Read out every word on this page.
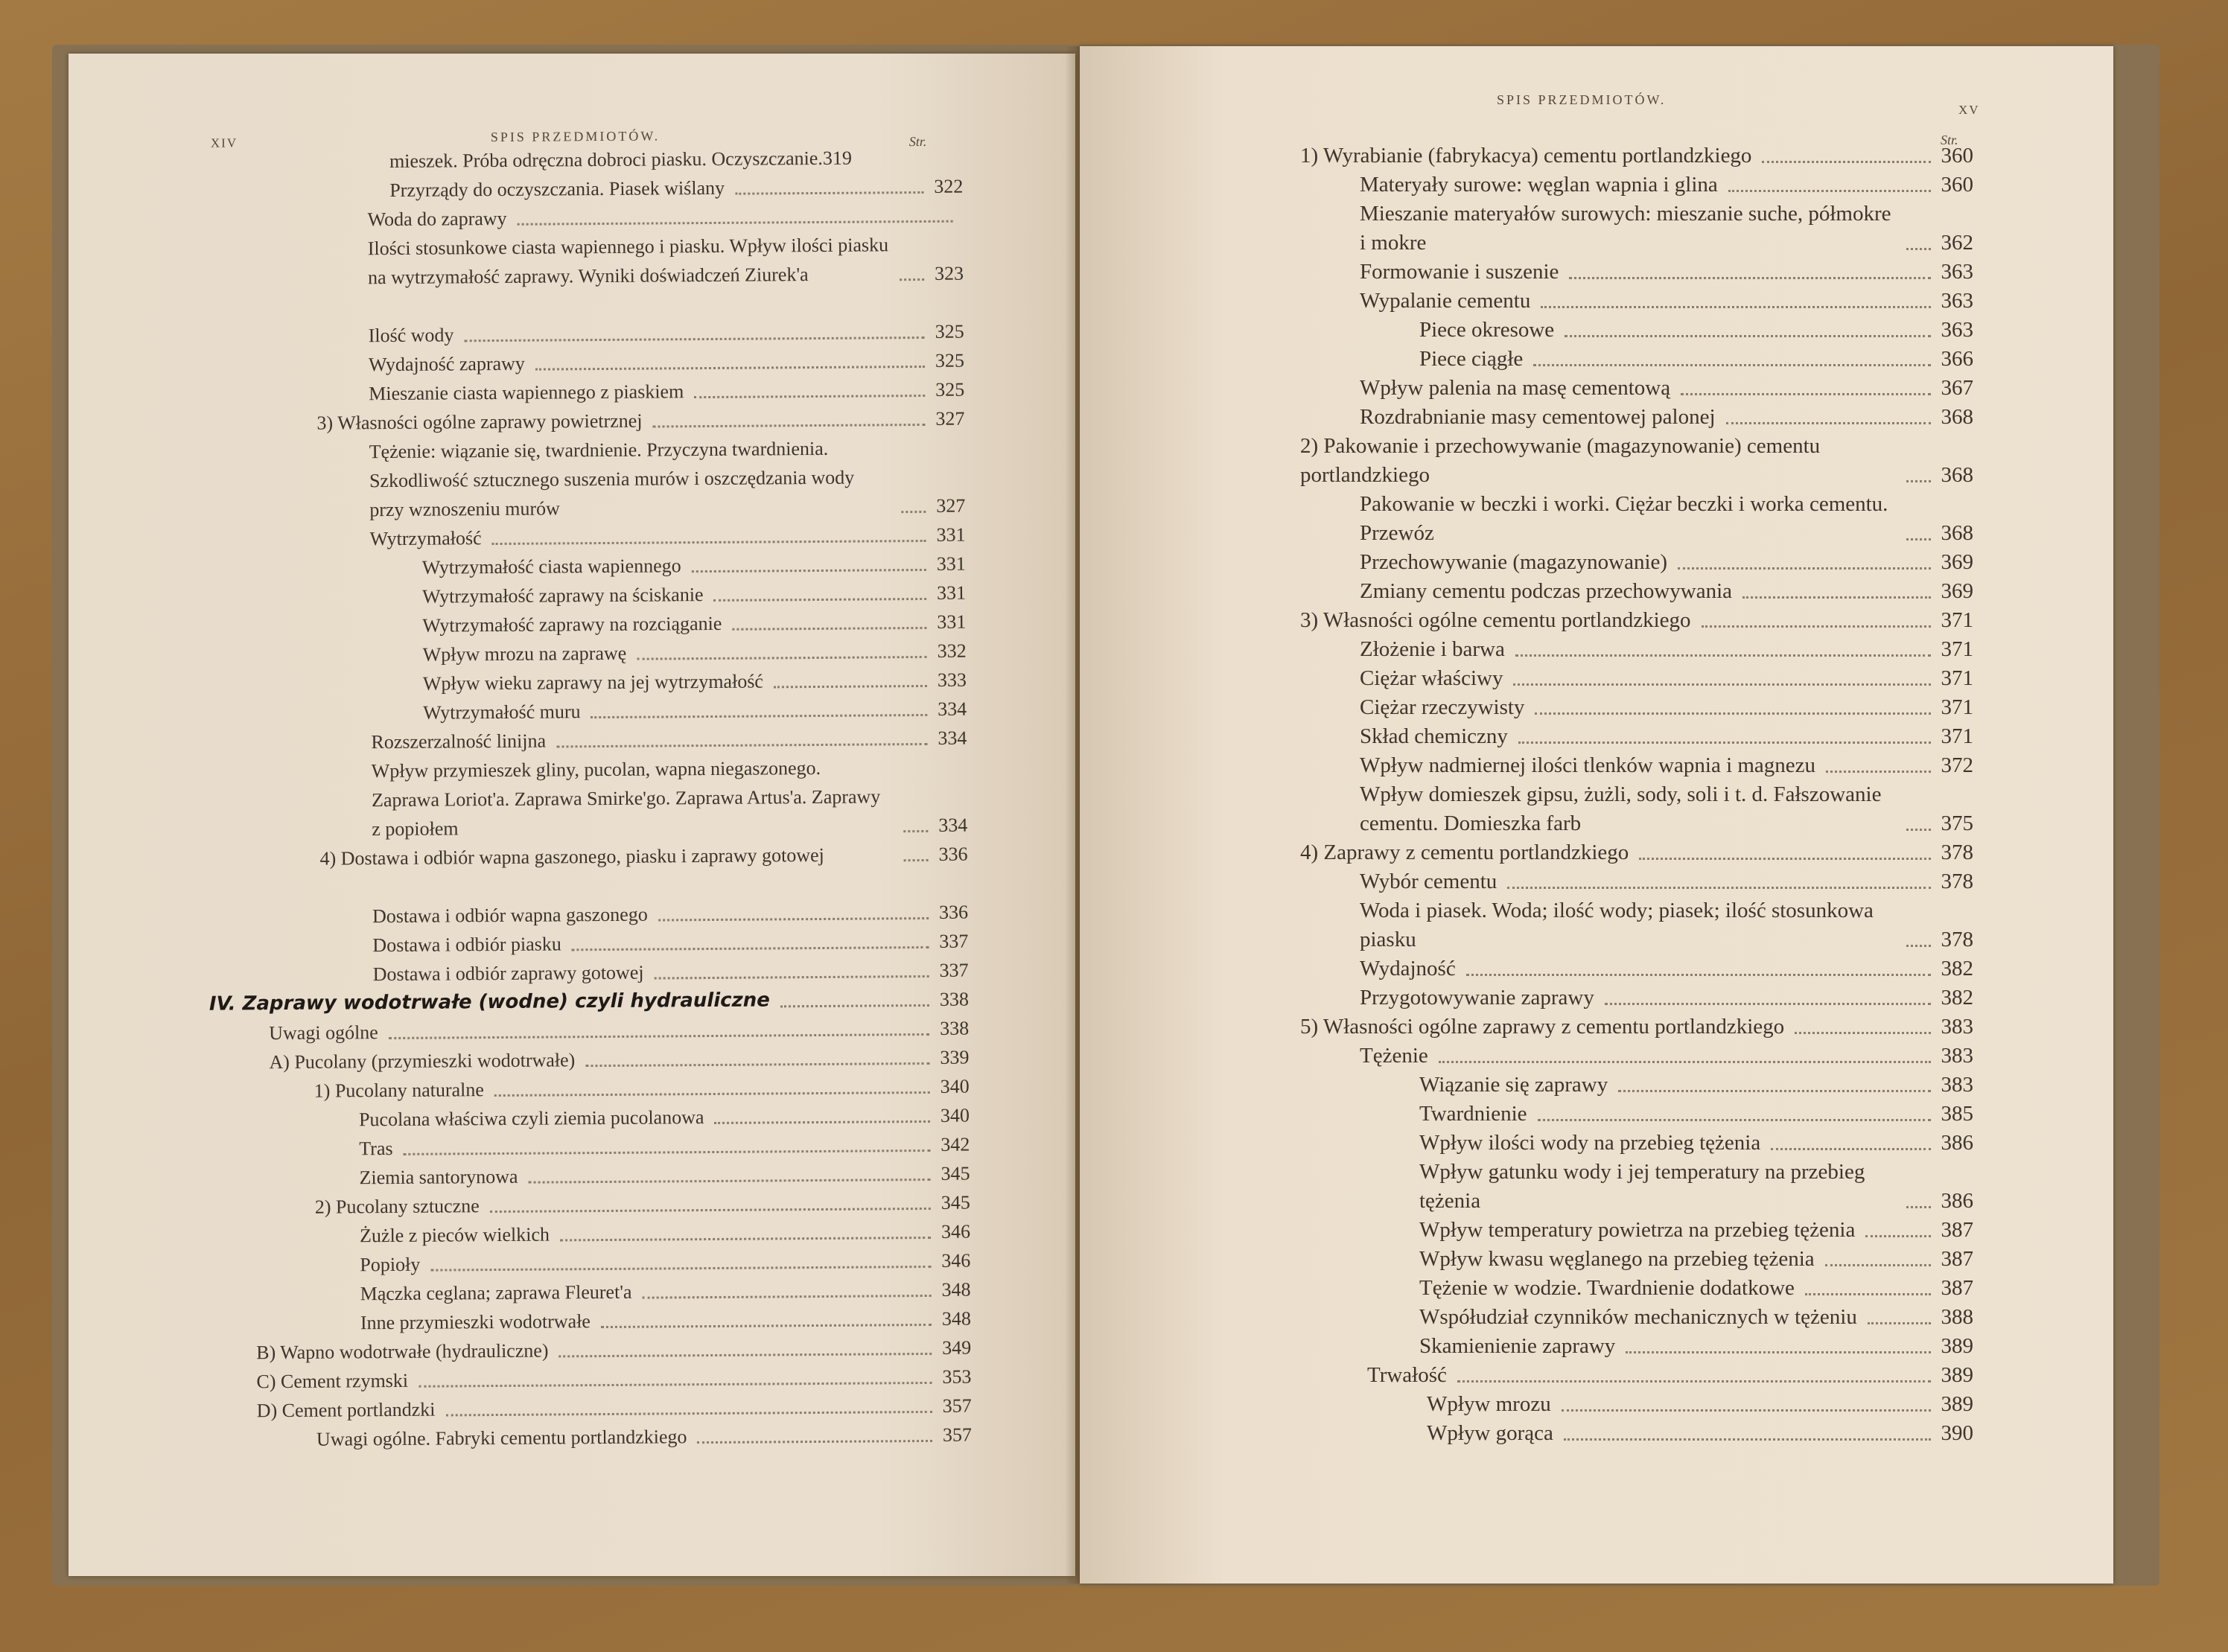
XIV	SPIS PRZEDMIOTÓW.	Str.
mieszek. Próba odręczna dobroci piasku. Oczyszczanie. 319
Przyrządy do oczyszczania. Piasek wiślany	322
Woda do zaprawy
Ilości stosunkowe ciasta wapiennego i piasku. Wpływ ilości piasku na wytrzymałość zaprawy. Wyniki doświadczeń Ziurek'a	323
Ilość wody	325
Wydajność zaprawy	325
Mieszanie ciasta wapiennego z piaskiem	325
3) Własności ogólne zaprawy powietrznej	327
Tężenie: wiązanie się, twardnienie. Przyczyna twardnienia. Szkodliwość sztucznego suszenia murów i oszczędzania wody przy wznoszeniu murów	327
Wytrzymałość	331
Wytrzymałość ciasta wapiennego	331
Wytrzymałość zaprawy na ściskanie	331
Wytrzymałość zaprawy na rozciąganie	331
Wpływ mrozu na zaprawę	332
Wpływ wieku zaprawy na jej wytrzymałość	333
Wytrzymałość muru	334
Rozszerzalność linijna	334
Wpływ przymieszek gliny, pucolan, wapna niegaszonego. Zaprawa Loriot'a. Zaprawa Smirke'go. Zaprawa Artus'a. Zaprawy z popiołem	334
4) Dostawa i odbiór wapna gaszonego, piasku i zaprawy gotowej	336
Dostawa i odbiór wapna gaszonego	336
Dostawa i odbiór piasku	337
Dostawa i odbiór zaprawy gotowej	337
IV. Zaprawy wodotrwałe (wodne) czyli hydrauliczne	338
Uwagi ogólne	338
A) Pucolany (przymieszki wodotrwałe)	339
1) Pucolany naturalne	340
Pucolana właściwa czyli ziemia pucolanowa	340
Tras	342
Ziemia santorynowa	345
2) Pucolany sztuczne	345
Żużle z pieców wielkich	346
Popioły	346
Mączka ceglana; zaprawa Fleuret'a	348
Inne przymieszki wodotrwałe	348
B) Wapno wodotrwałe (hydrauliczne)	349
C) Cement rzymski	353
D) Cement portlandzki	357
Uwagi ogólne. Fabryki cementu portlandzkiego	357
SPIS PRZEDMIOTÓW.
XV
Str.
1) Wyrabianie (fabrykacya) cementu portlandzkiego	360
Materyały surowe: węglan wapnia i glina	360
Mieszanie materyałów surowych: mieszanie suche, półmokre i mokre	362
Formowanie i suszenie	363
Wypalanie cementu	363
Piece okresowe	363
Piece ciągłe	366
Wpływ palenia na masę cementową	367
Rozdrabnianie masy cementowej palonej	368
2) Pakowanie i przechowywanie (magazynowanie) cementu portlandzkiego	368
Pakowanie w beczki i worki. Ciężar beczki i worka cementu. Przewóz	368
Przechowywanie (magazynowanie)	369
Zmiany cementu podczas przechowywania	369
3) Własności ogólne cementu portlandzkiego	371
Złożenie i barwa	371
Ciężar właściwy	371
Ciężar rzeczywisty	371
Skład chemiczny	371
Wpływ nadmiernej ilości tlenków wapnia i magnezu	372
Wpływ domieszek gipsu, żużli, sody, soli i t. d. Fałszowanie cementu. Domieszka farb	375
4) Zaprawy z cementu portlandzkiego	378
Wybór cementu	378
Woda i piasek. Woda; ilość wody; piasek; ilość stosunkowa piasku	378
Wydajność	382
Przygotowywanie zaprawy	382
5) Własności ogólne zaprawy z cementu portlandzkiego	383
Tężenie	383
Wiązanie się zaprawy	383
Twardnienie	385
Wpływ ilości wody na przebieg tężenia	386
Wpływ gatunku wody i jej temperatury na przebieg tężenia	386
Wpływ temperatury powietrza na przebieg tężenia	387
Wpływ kwasu węglanego na przebieg tężenia	387
Tężenie w wodzie. Twardnienie dodatkowe	387
Współudział czynników mechanicznych w tężeniu	388
Skamienienie zaprawy	389
Trwałość	389
Wpływ mrozu	389
Wpływ gorąca	390
